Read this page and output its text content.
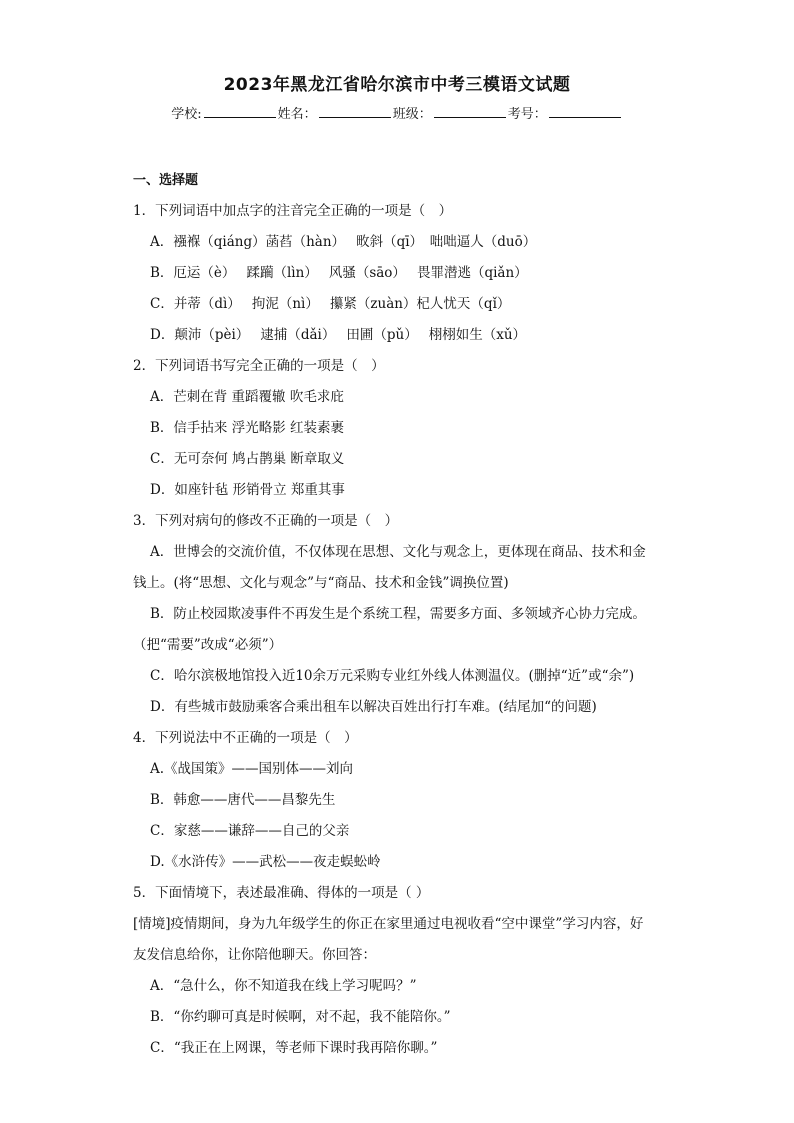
2023年黑龙江省哈尔滨市中考三模语文试题
学校:	姓名：	班级：	考号：
一、选择题
1．下列词语中加点字的注音完全正确的一项是（　）
A．襁褓（qiáng）菡萏（hàn）　 畋斜（qī）　咄咄逼人（duō）
B．厄运（è）　 蹂躏（lìn）　 风骚（sāo）　 畏罪潜逃（qiǎn）
C．并蒂（dì）　 拘泥（nì）　 攥紧（zuàn）杞人忧天（qǐ）
D．颠沛（pèi）　 逮捕（dǎi）　 田圃（pǔ）　 栩栩如生（xǔ）
2．下列词语书写完全正确的一项是（　）
A．芒刺在背 重蹈覆辙 吹毛求庇
B．信手拈来 浮光略影 红装素裹
C．无可奈何 鸠占鹊巢 断章取义
D．如座针毡 形销骨立 郑重其事
3．下列对病句的修改不正确的一项是（　）
A．世博会的交流价值，不仅体现在思想、文化与观念上，更体现在商品、技术和金
钱上。(将“思想、文化与观念”与“商品、技术和金钱”调换位置)
B．防止校园欺凌事件不再发生是个系统工程，需要多方面、多领域齐心协力完成。
（把“需要”改成“必须”）
C．哈尔滨极地馆投入近10余万元采购专业红外线人体测温仪。(删掉“近”或“余”)
D．有些城市鼓励乘客合乘出租车以解决百姓出行打车难。(结尾加“的问题)
4．下列说法中不正确的一项是（　）
A.《战国策》——国别体——刘向
B．韩愈——唐代——昌黎先生
C．家慈——谦辞——自己的父亲
D.《水浒传》——武松——夜走蜈蚣岭
5．下面情境下，表述最准确、得体的一项是（ ）
[情境]疫情期间，身为九年级学生的你正在家里通过电视收看“空中课堂”学习内容，好
友发信息给你，让你陪他聊天。你回答：
A．“急什么，你不知道我在线上学习呢吗？”
B．“你约聊可真是时候啊，对不起，我不能陪你。”
C．“我正在上网课，等老师下课时我再陪你聊。”
